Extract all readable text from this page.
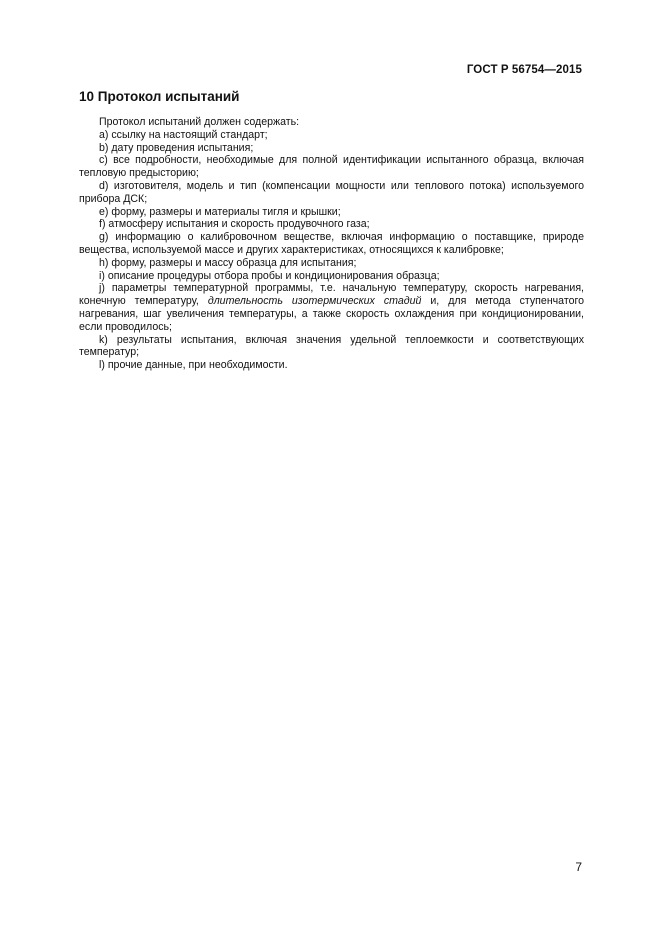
ГОСТ Р 56754—2015
10 Протокол испытаний

Протокол испытаний должен содержать:

а) ссылку на настоящий стандарт;

b) дату проведения испытания;

c) все подробности, необходимые для полной идентификации испытанного образца, включая
тепловую предысторию;

d) изготовителя, модель и тип (компенсации мощности или теплового потока) используемого
прибора ДСК;

е) форму, размеры и материалы тигля и крышки;

f) атмосферу испытания и скорость продувочного газа;

g) информацию о калибровочном веществе, включая информацию о поставщике, природе
вещества, используемой массе и других характеристиках, относящихся к калибровке;

h) форму, размеры и массу образца для испытания;

i) описание процедуры отбора пробы и кондиционирования образца;

j) параметры температурной программы, т.е. начальную температуру, скорость нагревания,
конечную температуру, длительность изотермических стадий и, для метода ступенчатого
нагревания, шаг увеличения температуры, а также скорость охлаждения при кондиционировании,
если проводилось;

k) результаты испытания, включая значения удельной теплоемкости и соответствующих
температур;

l) прочие данные, при необходимости.

7
